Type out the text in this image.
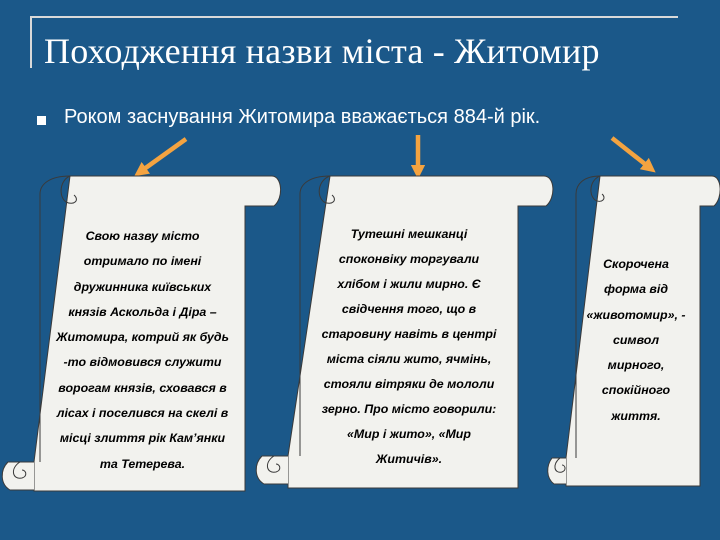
Походження назви міста - Житомир
Роком заснування Житомира вважається 884-й рік.
Свою назву місто
отримало по імені
дружинника київських
князів Аскольда і Діра –
Житомира, котрий як будь
-то відмовився служити
ворогам князів, сховався в
лісах і поселився на скелі в
місці злиття рік Кам’янки
та Тетерева.
Тутешні мешканці
споконвіку торгували
хлібом і жили мирно. Є
свідчення того, що в
старовину навіть в центрі
міста сіяли жито, ячмінь,
стояли вітряки де мололи
зерно. Про місто говорили:
«Мир і жито», «Мир
Житичів».
Скорочена
форма від
«животомир», -
символ
мирного,
спокійного
життя.
